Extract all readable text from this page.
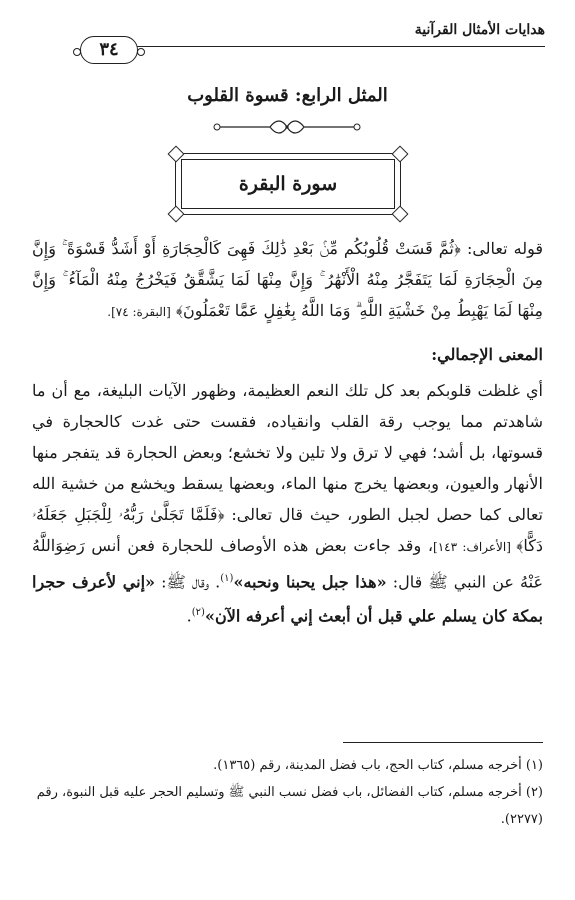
هدايات الأمثال القرآنية
٣٤
المثل الرابع: قسوة القلوب
سورة البقرة
قوله تعالى: ﴿ثُمَّ قَسَتْ قُلُوبُكُم مِّنۢ بَعْدِ ذَٰلِكَ فَهِىَ كَالْحِجَارَةِ أَوْ أَشَدُّ قَسْوَةً ۚ وَإِنَّ مِنَ الْحِجَارَةِ لَمَا يَتَفَجَّرُ مِنْهُ الْأَنْهَٰرُ ۚ وَإِنَّ مِنْهَا لَمَا يَشَّقَّقُ فَيَخْرُجُ مِنْهُ الْمَآءُ ۚ وَإِنَّ مِنْهَا لَمَا يَهْبِطُ مِنْ خَشْيَةِ اللَّهِ ۗ وَمَا اللَّهُ بِغَٰفِلٍ عَمَّا تَعْمَلُونَ﴾ [البقرة: ٧٤].
المعنى الإجمالي:
أي غلظت قلوبكم بعد كل تلك النعم العظيمة، وظهور الآيات البليغة، مع أن ما شاهدتم مما يوجب رقة القلب وانقياده، فقست حتى غدت كالحجارة في قسوتها، بل أشد؛ فهي لا ترق ولا تلين ولا تخشع؛ وبعض الحجارة قد يتفجر منها الأنهار والعيون، وبعضها يخرج منها الماء، وبعضها يسقط ويخشع من خشية الله تعالى كما حصل لجبل الطور، حيث قال تعالى: ﴿فَلَمَّا تَجَلَّىٰ رَبُّهُۥ لِلْجَبَلِ جَعَلَهُۥ دَكًّا﴾ [الأعراف: ١٤٣]، وقد جاءت بعض هذه الأوصاف للحجارة فعن أنس رَضِوَاللَّهُ عَنْهُ عن النبي ﷺ قال: «هذا جبل يحبنا ونحبه»$^{(١)}$. وقال ﷺ: «إني لأعرف حجرا بمكة كان يسلم علي قبل أن أبعث إني أعرفه الآن»$^{(٢)}$.

(١) أخرجه مسلم، كتاب الحج، باب فضل المدينة، رقم (١٣٦٥).

(٢) أخرجه مسلم، كتاب الفضائل، باب فضل نسب النبي ﷺ وتسليم الحجر عليه قبل النبوة، رقم (٢٢٧٧).
